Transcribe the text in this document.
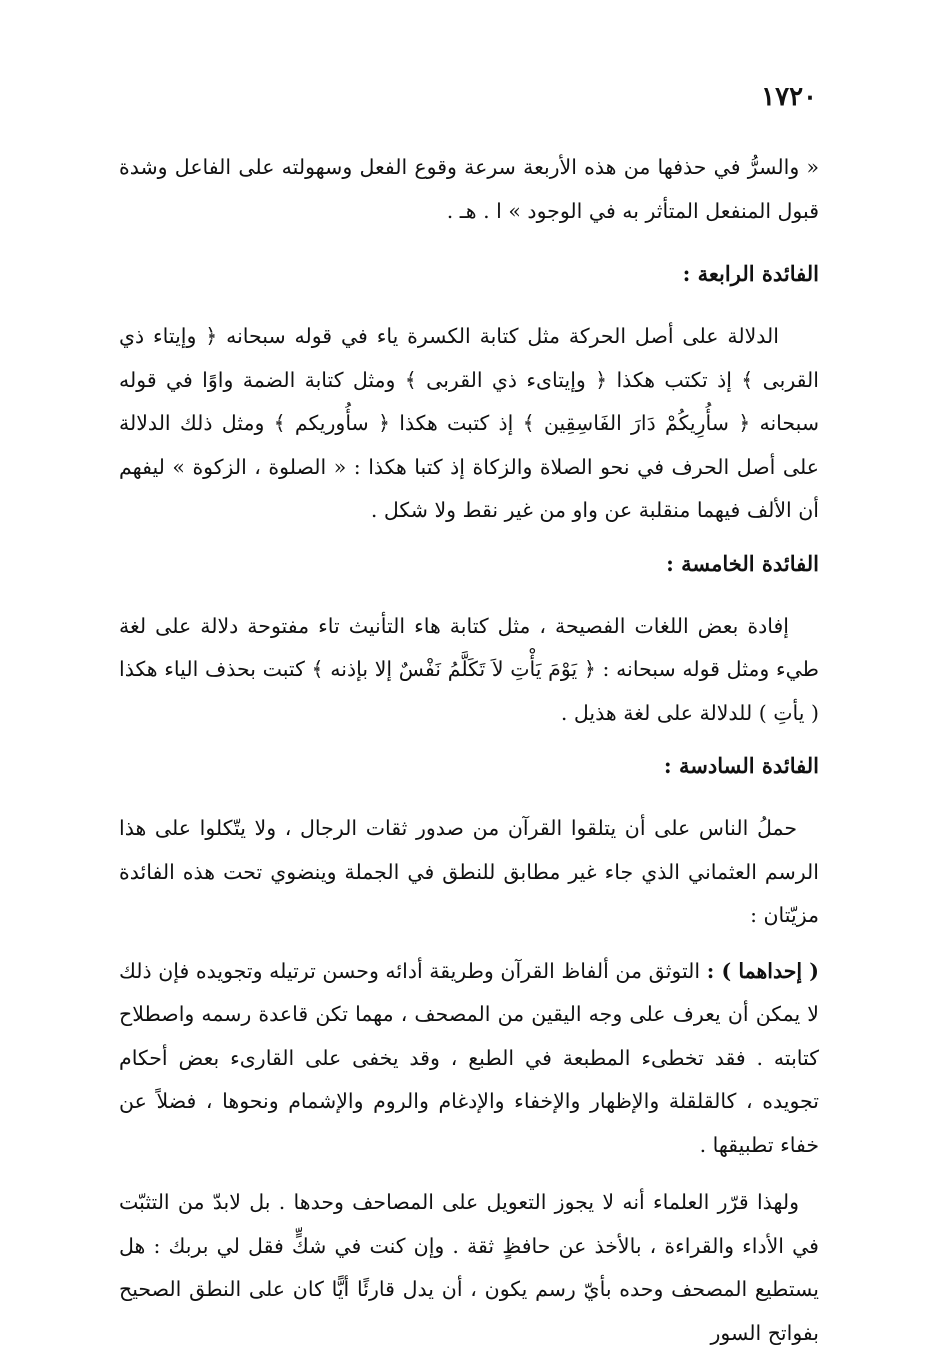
١٧٢٠

« والسرُّ في حذفها من هذه الأربعة سرعة وقوع الفعل وسهولته على الفاعل وشدة قبول المنفعل المتأثر به في الوجود » ا . هـ .

الفائدة الرابعة :

الدلالة على أصل الحركة مثل كتابة الكسرة ياء في قوله سبحانه ﴿ وإيتاء ذي القربى ﴾ إذ تكتب هكذا ﴿ وإيتاىء ذي القربى ﴾ ومثل كتابة الضمة واوًا في قوله سبحانه ﴿ سأُرِيكُمْ دَارَ الفَاسِقِين ﴾ إذ كتبت هكذا ﴿ سأُوريكم ﴾ ومثل ذلك الدلالة على أصل الحرف في نحو الصلاة والزكاة إذ كتبا هكذا : « الصلوة ، الزكوة » ليفهم أن الألف فيهما منقلبة عن واو من غير نقط ولا شكل .

الفائدة الخامسة :

إفادة بعض اللغات الفصيحة ، مثل كتابة هاء التأنيث تاء مفتوحة دلالة على لغة طيء ومثل قوله سبحانه : ﴿ يَوْمَ يَأْتِ لاَ تَكَلَّمُ نَفْسٌ إلا بإذنه ﴾ كتبت بحذف الياء هكذا ( يأتِ ) للدلالة على لغة هذيل .

الفائدة السادسة :

حملُ الناس على أن يتلقوا القرآن من صدور ثقات الرجال ، ولا يتّكلوا على هذا الرسم العثماني الذي جاء غير مطابق للنطق في الجملة وينضوي تحت هذه الفائدة مزيّتان :

( إحداهما ) : التوثق من ألفاظ القرآن وطريقة أدائه وحسن ترتيله وتجويده فإن ذلك لا يمكن أن يعرف على وجه اليقين من المصحف ، مهما تكن قاعدة رسمه واصطلاح كتابته . فقد تخطىء المطبعة في الطبع ، وقد يخفى على القارىء بعض أحكام تجويده ، كالقلقلة والإظهار والإخفاء والإدغام والروم والإشمام ونحوها ، فضلاً عن خفاء تطبيقها .

ولهذا قرّر العلماء أنه لا يجوز التعويل على المصاحف وحدها . بل لابدّ من التثبّت في الأداء والقراءة ، بالأخذ عن حافظٍ ثقة . وإن كنت في شكٍّ فقل لي بربك : هل يستطيع المصحف وحده بأيّ رسم يكون ، أن يدل قارئًا أيًّا كان على النطق الصحيح بفواتح السور
